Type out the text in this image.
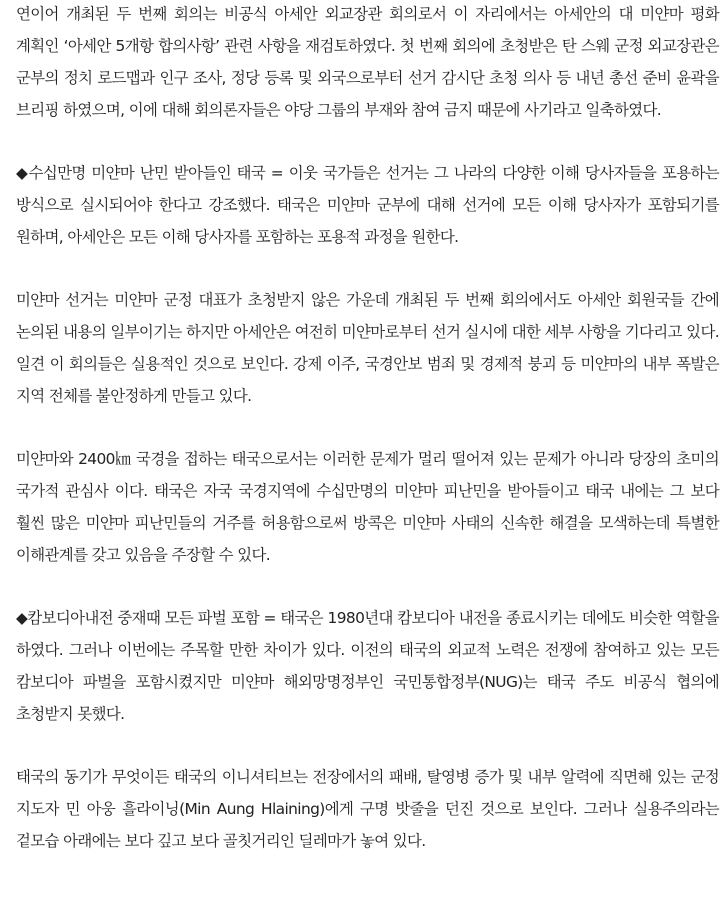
연이어 개최된 두 번째 회의는 비공식 아세안 외교장관 회의로서 이 자리에서는 아세안의 대 미얀마 평화 계획인 ‘아세안 5개항 합의사항’ 관련 사항을 재검토하였다. 첫 번째 회의에 초청받은 탄 스웨 군정 외교장관은 군부의 정치 로드맵과 인구 조사, 정당 등록 및 외국으로부터 선거 감시단 초청 의사 등 내년 총선 준비 윤곽을 브리핑 하였으며, 이에 대해 회의론자들은 야당 그룹의 부재와 참여 금지 때문에 사기라고 일축하였다.

◆수십만명 미얀마 난민 받아들인 태국 = 이웃 국가들은 선거는 그 나라의 다양한 이해 당사자들을 포용하는 방식으로 실시되어야 한다고 강조했다. 태국은 미얀마 군부에 대해 선거에 모든 이해 당사자가 포함되기를 원하며, 아세안은 모든 이해 당사자를 포함하는 포용적 과정을 원한다.

미얀마 선거는 미얀마 군정 대표가 초청받지 않은 가운데 개최된 두 번째 회의에서도 아세안 회원국들 간에 논의된 내용의 일부이기는 하지만 아세안은 여전히 미얀마로부터 선거 실시에 대한 세부 사항을 기다리고 있다. 일견 이 회의들은 실용적인 것으로 보인다. 강제 이주, 국경안보 범죄 및 경제적 붕괴 등 미얀마의 내부 폭발은 지역 전체를 불안정하게 만들고 있다.

미얀마와 2400㎞ 국경을 접하는 태국으로서는 이러한 문제가 멀리 떨어져 있는 문제가 아니라 당장의 초미의 국가적 관심사 이다. 태국은 자국 국경지역에 수십만명의 미얀마 피난민을 받아들이고 태국 내에는 그 보다 훨씬 많은 미얀마 피난민들의 거주를 허용함으로써 방콕은 미얀마 사태의 신속한 해결을 모색하는데 특별한 이해관계를 갖고 있음을 주장할 수 있다.

◆캄보디아내전 중재때 모든 파벌 포함 = 태국은 1980년대 캄보디아 내전을 종료시키는 데에도 비슷한 역할을 하였다. 그러나 이번에는 주목할 만한 차이가 있다. 이전의 태국의 외교적 노력은 전쟁에 참여하고 있는 모든 캄보디아 파벌을 포함시켰지만 미얀마 해외망명정부인 국민통합정부(NUG)는 태국 주도 비공식 협의에 초청받지 못했다.

태국의 동기가 무엇이든 태국의 이니셔티브는 전장에서의 패배, 탈영병 증가 및 내부 알력에 직면해 있는 군정 지도자 민 아웅 흘라이닝(Min Aung Hlaining)에게 구명 밧줄을 던진 것으로 보인다. 그러나 실용주의라는 겉모습 아래에는 보다 깊고 보다 골칫거리인 딜레마가 놓여 있다.
